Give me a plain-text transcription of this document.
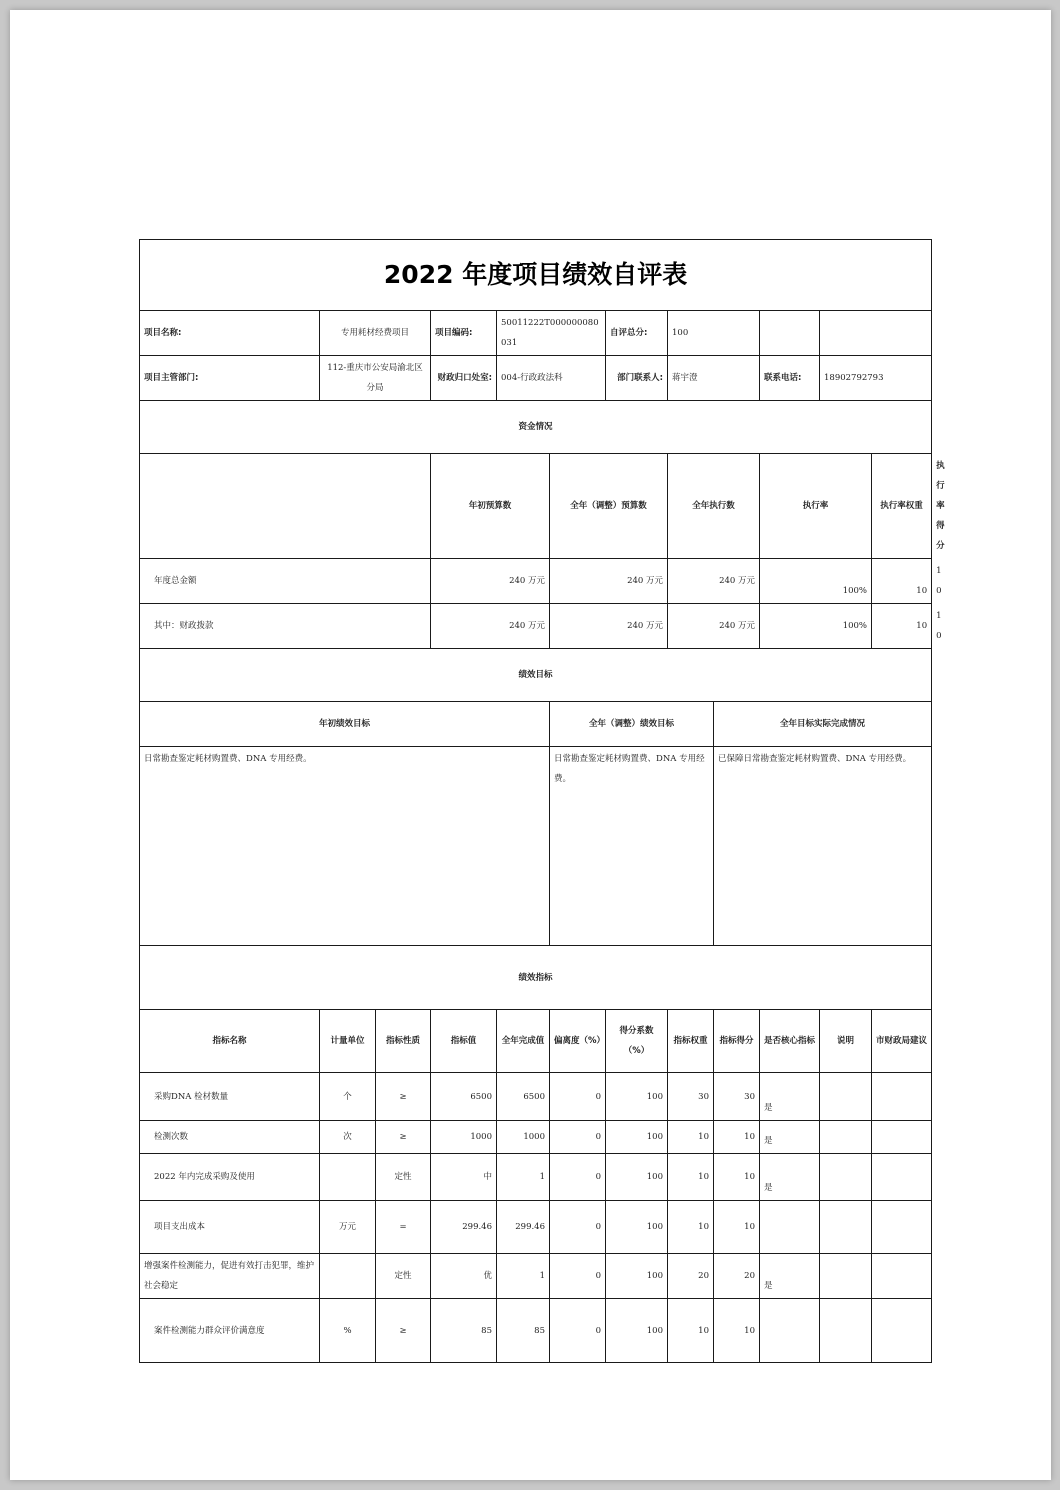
2022 年度项目绩效自评表												
项目名称:	专用耗材经费项目		项目编码:	50011222T000000080031		自评总分:	100					
项目主管部门:	112-重庆市公安局渝北区分局		财政归口处室:	004-行政政法科		部门联系人:	蒋宇澄		联系电话:	18902792793		
资金情况												
			年初预算数		全年（调整）预算数		全年执行数		执行率		执行率权重	执行率得分
年度总金额			240 万元		240 万元		240 万元		100%		10	10
其中：财政拨款			240 万元		240 万元		240 万元		100%		10	10
绩效目标												
年初绩效目标					全年（调整）绩效目标			全年目标实际完成情况				
日常勘查鉴定耗材购置费、DNA 专用经费。					日常勘查鉴定耗材购置费、DNA 专用经费。			已保障日常勘查鉴定耗材购置费、DNA 专用经费。				
绩效指标												
指标名称	计量单位	指标性质	指标值	全年完成值	偏离度（%）	得分系数（%）	指标权重	指标得分	是否核心指标	说明	市财政局建议	
采购DNA 检材数量	个	≥	6500	6500	0	100	30	30	是			
检测次数	次	≥	1000	1000	0	100	10	10	是			
2022 年内完成采购及使用		定性	中	1	0	100	10	10	是			
项目支出成本	万元	=	299.46	299.46	0	100	10	10				
增强案件检测能力，促进有效打击犯罪，维护社会稳定		定性	优	1	0	100	20	20	是			
案件检测能力群众评价满意度	%	≥	85	85	0	100	10	10				
